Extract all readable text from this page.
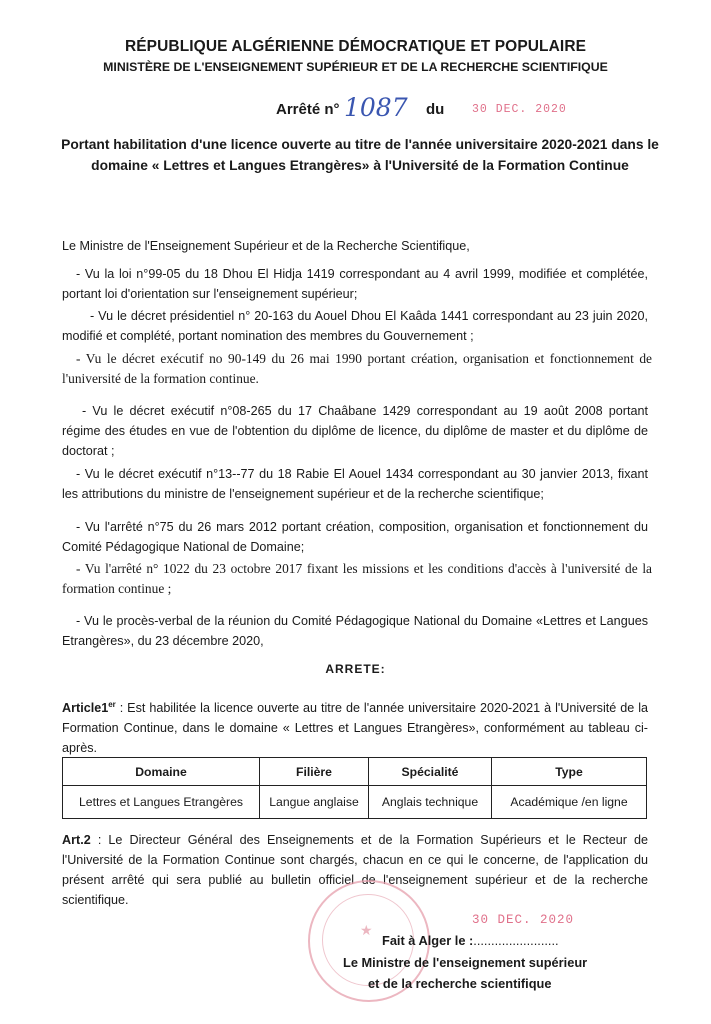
RÉPUBLIQUE ALGÉRIENNE DÉMOCRATIQUE ET POPULAIRE
MINISTÈRE DE L'ENSEIGNEMENT SUPÉRIEUR ET DE LA RECHERCHE SCIENTIFIQUE
Arrêté n° 1087 du 30 DEC. 2020
Portant habilitation d'une licence ouverte au titre de l'année universitaire 2020-2021 dans le domaine « Lettres et Langues Etrangères» à l'Université de la Formation Continue
Le Ministre de l'Enseignement Supérieur et de la Recherche Scientifique,
- Vu la loi n°99-05 du 18 Dhou El Hidja 1419 correspondant au 4 avril 1999, modifiée et complétée, portant loi d'orientation sur l'enseignement supérieur;
- Vu le décret présidentiel n° 20-163 du Aouel Dhou El Kaâda 1441 correspondant au 23 juin 2020, modifié et complété, portant nomination des membres du Gouvernement ;
- Vu le décret exécutif no 90-149 du 26 mai 1990 portant création, organisation et fonctionnement de l'université de la formation continue.
- Vu le décret exécutif n°08-265 du 17 Chaâbane 1429 correspondant au 19 août 2008 portant régime des études en vue de l'obtention du diplôme de licence, du diplôme de master et du diplôme de doctorat ;
- Vu le décret exécutif n°13--77 du 18 Rabie El Aouel 1434 correspondant au 30 janvier 2013, fixant les attributions du ministre de l'enseignement supérieur et de la recherche scientifique;
- Vu l'arrêté n°75 du 26 mars 2012 portant création, composition, organisation et fonctionnement du Comité Pédagogique National de Domaine;
- Vu l'arrêté n° 1022 du 23 octobre 2017 fixant les missions et les conditions d'accès à l'université de la formation continue ;
- Vu le procès-verbal de la réunion du Comité Pédagogique National du Domaine «Lettres et Langues Etrangères», du 23 décembre 2020,
ARRETE:
Article1er : Est habilitée la licence ouverte au titre de l'année universitaire 2020-2021 à l'Université de la Formation Continue, dans le domaine « Lettres et Langues Etrangères», conformément au tableau ci-après.
Domaine	Filière	Spécialité	Type
Lettres et Langues Etrangères	Langue anglaise	Anglais technique	Académique /en ligne
Art.2 : Le Directeur Général des Enseignements et de la Formation Supérieurs et le Recteur de l'Université de la Formation Continue sont chargés, chacun en ce qui le concerne, de l'application du présent arrêté qui sera publié au bulletin officiel de l'enseignement supérieur et de la recherche scientifique.
★
30 DEC. 2020
Fait à Alger le :........................
Le Ministre de l'enseignement supérieur
et de la recherche scientifique
